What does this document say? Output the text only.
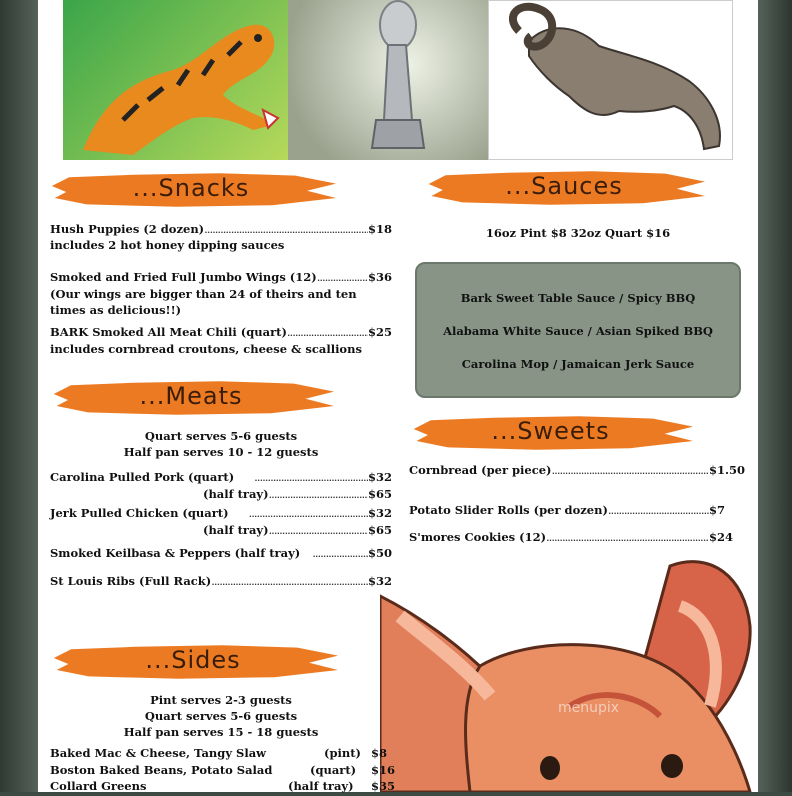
...Snacks
Hush Puppies (2 dozen) .....	$18
includes 2 hot honey dipping sauces
Smoked and Fried Full Jumbo Wings (12) .....	$36
(Our wings are bigger than 24 of theirs and ten
times as delicious!!)
BARK Smoked All Meat Chili (quart) .....	$25
includes cornbread croutons, cheese & scallions
...Sauces
16oz Pint $8 32oz Quart $16
Bark Sweet Table Sauce / Spicy BBQ
Alabama White Sauce / Asian Spiked BBQ
Carolina Mop / Jamaican Jerk Sauce
...Meats
Quart serves 5-6 guests
Half pan serves 10 - 12 guests
Carolina Pulled Pork (quart) .....	$32
(half tray) .....	$65
Jerk Pulled Chicken (quart) .....	$32
(half tray) .....	$65
Smoked Keilbasa & Peppers (half tray) .....	$50
St Louis Ribs (Full Rack) .....	$32
...Sweets
Cornbread (per piece) .....	$1.50
Potato Slider Rolls (per dozen) .....	$7
S'mores Cookies (12) .....	$24
menupix
...Sides
Pint serves 2-3 guests
Quart serves 5-6 guests
Half pan serves 15 - 18 guests
Baked Mac & Cheese, Tangy Slaw	(pint) $8
Boston Baked Beans, Potato Salad	(quart) $16
Collard Greens	(half tray) $35
